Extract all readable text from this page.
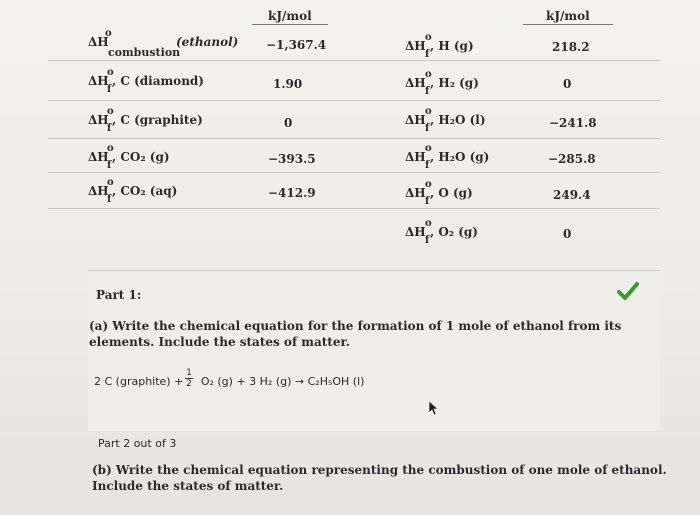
kJ/mol	kJ/mol
ΔH
o
combustion
(ethanol) −1,367.4
ΔH
o
f
, C (diamond)	1.90
ΔH
o
f
, C (graphite)	0
ΔH
o
f
, CO₂ (g)	−393.5
ΔH
o
f
, CO₂ (aq)	−412.9
ΔH
o
f
, H (g)	218.2
ΔH
o
f
, H₂ (g)	0
ΔH
o
f
, H₂O (l)	−241.8
ΔH
o
f
, H₂O (g)	−285.8
ΔH
o
f
, O (g)	249.4
ΔH
o
f
, O₂ (g)	0
Part 1:
(a) Write the chemical equation for the formation of 1 mole of ethanol from its elements. Include the states of matter.
2 C (graphite) + O₂ (g) + 3 H₂ (g) → C₂H₅OH (l)
1
2
Part 2 out of 3
(b) Write the chemical equation representing the combustion of one mole of ethanol. Include the states of matter.
